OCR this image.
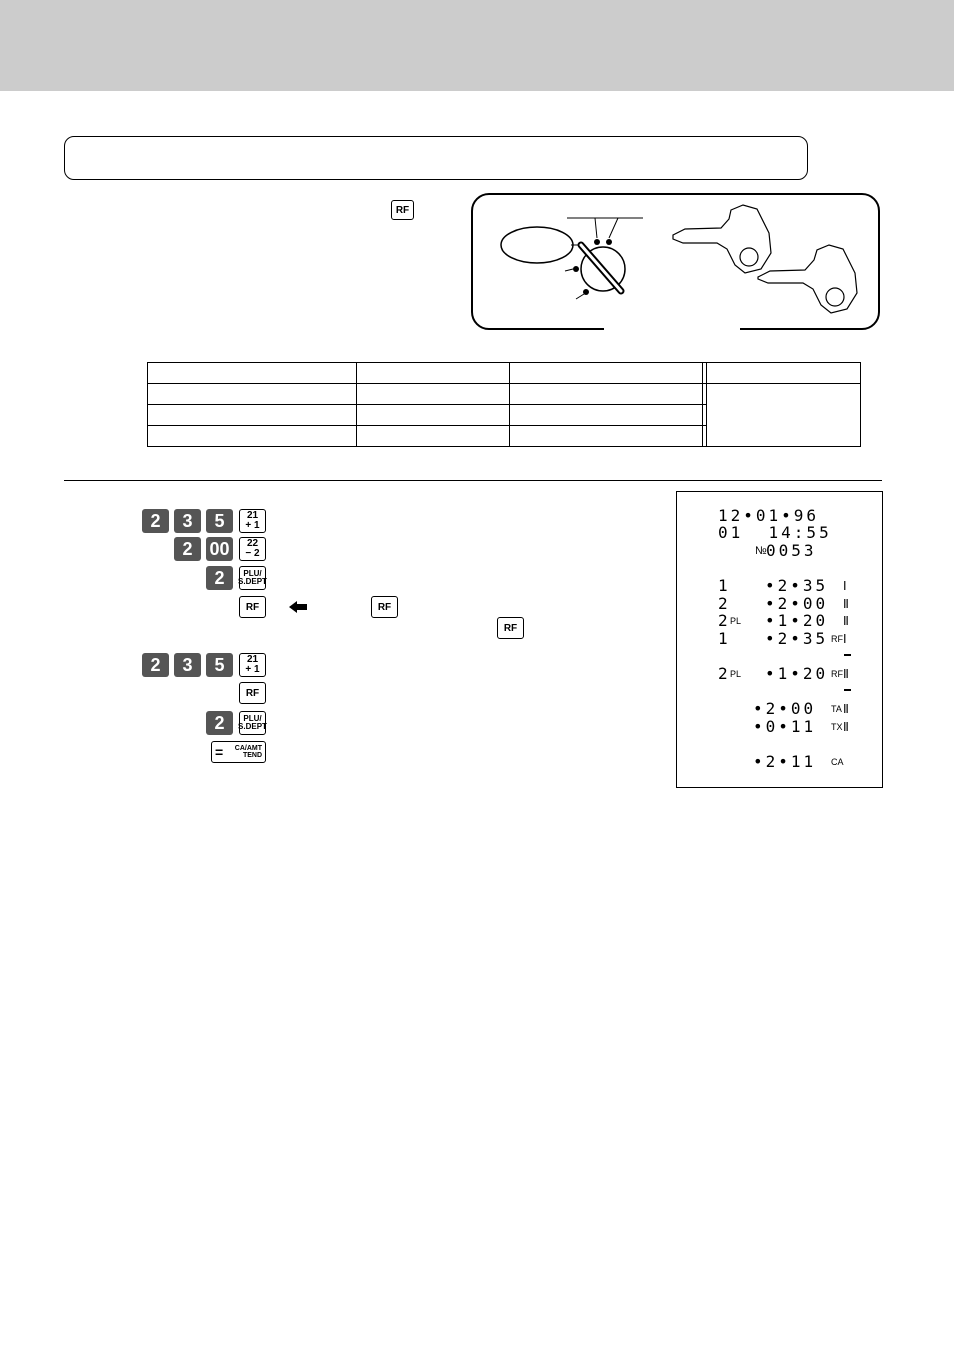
RF

2	3	5	21
+ 1
2 00	22
− 2
2	PLU/
S.DEPT
RF	RF
RF
2	3	5	21
+ 1
RF
2	PLU/
S.DEPT
= CA/AMT
TEND
12•01•96
01  14:55
№ 0053
1 •2•35 Ⅰ
2 •2•00 Ⅱ
2 PL •1•20 Ⅱ
1 •2•35 RF Ⅰ
2 PL •1•20 RF Ⅱ
•2•00 TA Ⅱ
•0•11 TX Ⅱ
•2•11 CA
